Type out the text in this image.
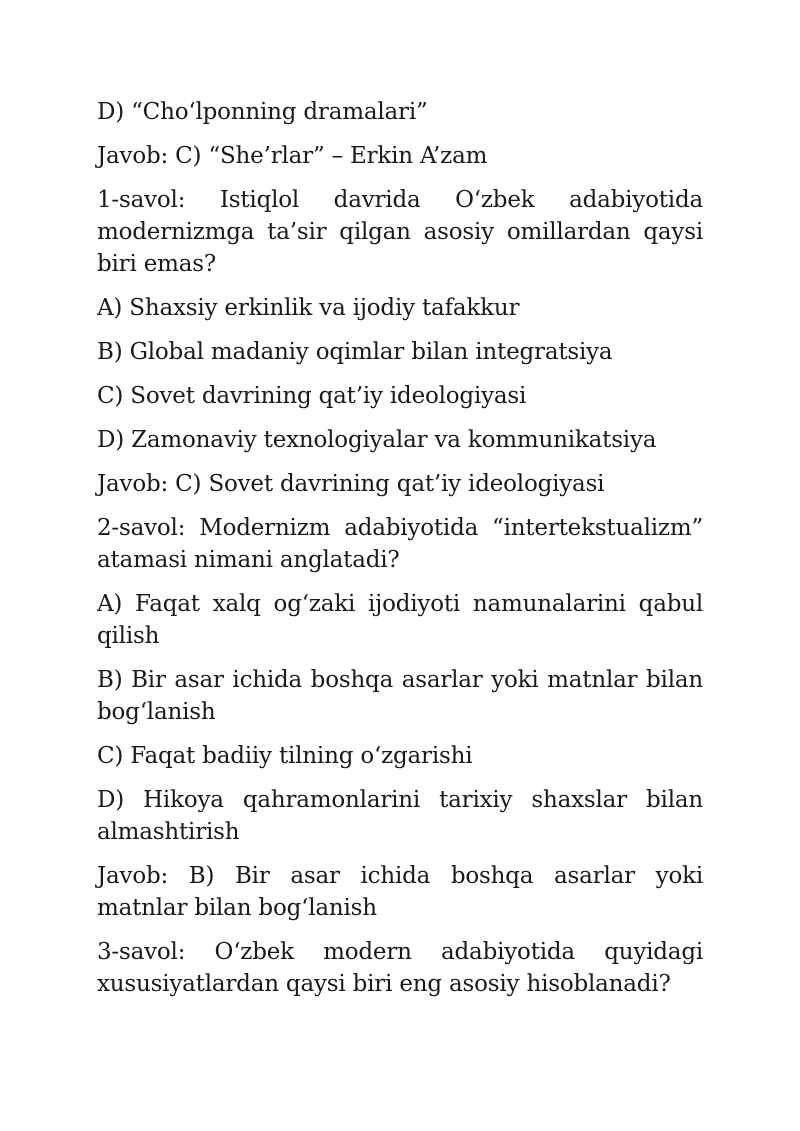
D) “Cho‘lponning dramalari”

Javob: C) “She’rlar” – Erkin A’zam

1-savol: Istiqlol davrida O‘zbek adabiyotida modernizmga ta’sir qilgan asosiy omillardan qaysi biri emas?

A) Shaxsiy erkinlik va ijodiy tafakkur

B) Global madaniy oqimlar bilan integratsiya

C) Sovet davrining qat’iy ideologiyasi

D) Zamonaviy texnologiyalar va kommunikatsiya

Javob: C) Sovet davrining qat’iy ideologiyasi

2-savol: Modernizm adabiyotida “intertekstualizm” atamasi nimani anglatadi?

A) Faqat xalq og‘zaki ijodiyoti namunalarini qabul qilish

B) Bir asar ichida boshqa asarlar yoki matnlar bilan bog‘lanish

C) Faqat badiiy tilning o‘zgarishi

D) Hikoya qahramonlarini tarixiy shaxslar bilan almashtirish

Javob: B) Bir asar ichida boshqa asarlar yoki matnlar bilan bog‘lanish

3-savol: O‘zbek modern adabiyotida quyidagi xususiyatlardan qaysi biri eng asosiy hisoblanadi?
